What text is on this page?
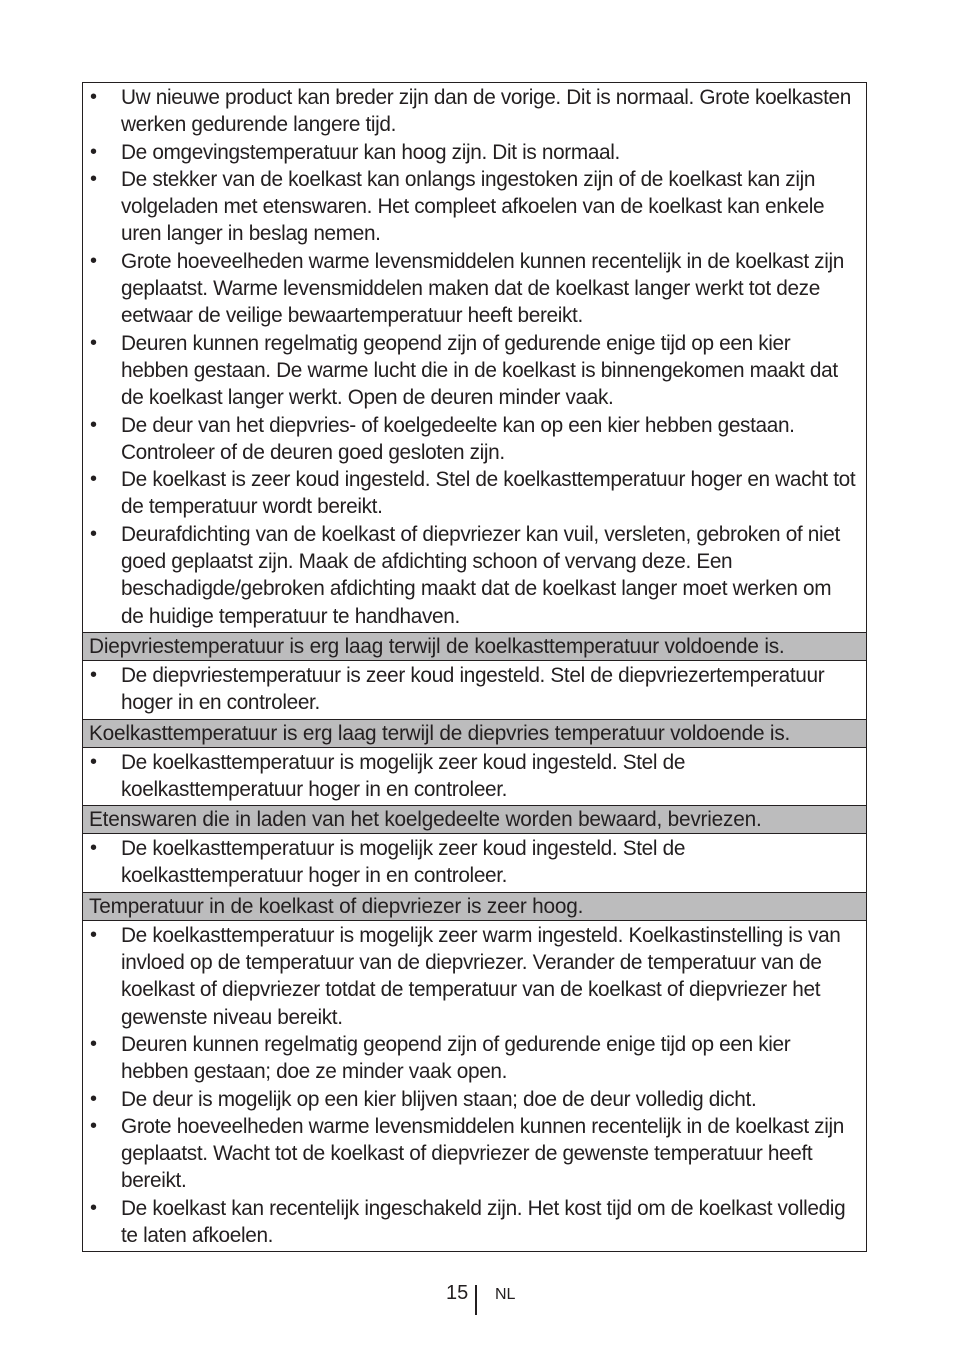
• Uw nieuwe product kan breder zijn dan de vorige. Dit is normaal. Grote koelkasten werken gedurende langere tijd.
• De omgevingstemperatuur kan hoog zijn. Dit is normaal.
• De stekker van de koelkast kan onlangs ingestoken zijn of de koelkast kan zijn volgeladen met etenswaren. Het compleet afkoelen van de koelkast kan enkele uren langer in beslag nemen.
• Grote hoeveelheden warme levensmiddelen kunnen recentelijk in de koelkast zijn geplaatst. Warme levensmiddelen maken dat de koelkast langer werkt tot deze eetwaar de veilige bewaartemperatuur heeft bereikt.
• Deuren kunnen regelmatig geopend zijn of gedurende enige tijd op een kier hebben gestaan. De warme lucht die in de koelkast is binnengekomen maakt dat de koelkast langer werkt. Open de deuren minder vaak.
• De deur van het diepvries- of koelgedeelte kan op een kier hebben gestaan. Controleer of de deuren goed gesloten zijn.
• De koelkast is zeer koud ingesteld. Stel de koelkasttemperatuur hoger en wacht tot de temperatuur wordt bereikt.
• Deurafdichting van de koelkast of diepvriezer kan vuil, versleten, gebroken of niet goed geplaatst zijn. Maak de afdichting schoon of vervang deze. Een beschadigde/gebroken afdichting maakt dat de koelkast langer moet werken om de huidige temperatuur te handhaven.
Diepvriestemperatuur is erg laag terwijl de koelkasttemperatuur voldoende is.
• De diepvriestemperatuur is zeer koud ingesteld. Stel de diepvriezertemperatuur hoger in en controleer.
Koelkasttemperatuur is erg laag terwijl de diepvries temperatuur voldoende is.
• De koelkasttemperatuur is mogelijk zeer koud ingesteld. Stel de koelkasttemperatuur hoger in en controleer.
Etenswaren die in laden van het koelgedeelte worden bewaard, bevriezen.
• De koelkasttemperatuur is mogelijk zeer koud ingesteld. Stel de koelkasttemperatuur hoger in en controleer.
Temperatuur in de koelkast of diepvriezer is zeer hoog.
• De koelkasttemperatuur is mogelijk zeer warm ingesteld. Koelkastinstelling is van invloed op de temperatuur van de diepvriezer. Verander de temperatuur van de koelkast of diepvriezer totdat de temperatuur van de koelkast of diepvriezer het gewenste niveau bereikt.
• Deuren kunnen regelmatig geopend zijn of gedurende enige tijd op een kier hebben gestaan; doe ze minder vaak open.
• De deur is mogelijk op een kier blijven staan; doe de deur volledig dicht.
• Grote hoeveelheden warme levensmiddelen kunnen recentelijk in de koelkast zijn geplaatst. Wacht tot de koelkast of diepvriezer de gewenste temperatuur heeft bereikt.
• De koelkast kan recentelijk ingeschakeld zijn. Het kost tijd om de koelkast volledig te laten afkoelen.
15 NL
